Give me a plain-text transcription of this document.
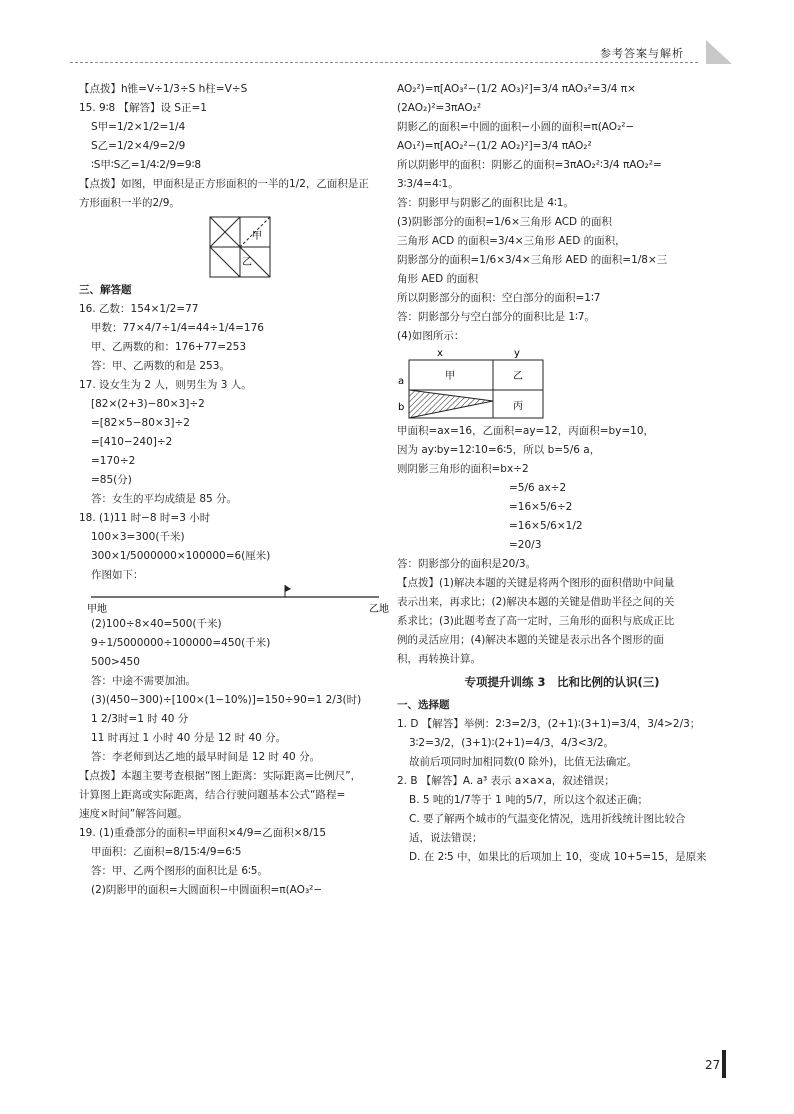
参考答案与解析
【点拨】h锥=V÷1/3÷S h柱=V÷S
15. 9∶8 【解答】设 S正=1
S甲=1/2×1/2=1/4
S乙=1/2×4/9=2/9
∶S甲∶S乙=1/4∶2/9=9∶8
【点拨】如图，甲面积是正方形面积的一半的1/2，乙面积是正
方形面积一半的2/9。
甲
乙
三、解答题
16. 乙数：154×1/2=77
甲数：77×4/7÷1/4=44÷1/4=176
甲、乙两数的和：176+77=253
答：甲、乙两数的和是 253。
17. 设女生为 2 人，则男生为 3 人。
[82×(2+3)−80×3]÷2
=[82×5−80×3]÷2
=[410−240]÷2
=170÷2
=85(分)
答：女生的平均成绩是 85 分。
18. (1)11 时−8 时=3 小时
100×3=300(千米)
300×1/5000000×100000=6(厘米)
作图如下：
甲地	乙地
(2)100÷8×40=500(千米)
9÷1/5000000÷100000=450(千米)
500>450
答：中途不需要加油。
(3)(450−300)÷[100×(1−10%)]=150÷90=1 2/3(时)
1 2/3时=1 时 40 分
11 时再过 1 小时 40 分是 12 时 40 分。
答：李老师到达乙地的最早时间是 12 时 40 分。
【点拨】本题主要考查根据“图上距离：实际距离=比例尺”，
计算图上距离或实际距离，结合行驶问题基本公式“路程=
速度×时间”解答问题。
19. (1)重叠部分的面积=甲面积×4/9=乙面积×8/15
甲面积：乙面积=8/15∶4/9=6∶5
答：甲、乙两个图形的面积比是 6∶5。
(2)阴影甲的面积=大圆面积−中圆面积=π(AO₃²−
AO₂²)=π[AO₃²−(1/2 AO₃)²]=3/4 πAO₃²=3/4 π×
(2AO₂)²=3πAO₂²
阴影乙的面积=中圆的面积−小圆的面积=π(AO₂²−
AO₁²)=π[AO₂²−(1/2 AO₂)²]=3/4 πAO₂²
所以阴影甲的面积：阴影乙的面积=3πAO₂²∶3/4 πAO₂²=
3∶3/4=4∶1。
答：阴影甲与阴影乙的面积比是 4∶1。
(3)阴影部分的面积=1/6×三角形 ACD 的面积
三角形 ACD 的面积=3/4×三角形 AED 的面积，
阴影部分的面积=1/6×3/4×三角形 AED 的面积=1/8×三
角形 AED 的面积
所以阴影部分的面积：空白部分的面积=1∶7
答：阴影部分与空白部分的面积比是 1∶7。
(4)如图所示：
x	y
a
b
甲	乙
丙
甲面积=ax=16，乙面积=ay=12，丙面积=by=10，
因为 ay∶by=12∶10=6∶5，所以 b=5/6 a，
则阴影三角形的面积=bx÷2
=5/6 ax÷2
=16×5/6÷2
=16×5/6×1/2
=20/3
答：阴影部分的面积是20/3。
【点拨】(1)解决本题的关键是将两个图形的面积借助中间量
表示出来，再求比；(2)解决本题的关键是借助半径之间的关
系求比；(3)此题考查了高一定时，三角形的面积与底成正比
例的灵活应用；(4)解决本题的关键是表示出各个图形的面
积，再转换计算。
专项提升训练 3　比和比例的认识(三)
一、选择题
1. D 【解答】举例：2∶3=2/3，(2+1)∶(3+1)=3/4，3/4>2/3；
3∶2=3/2，(3+1)∶(2+1)=4/3，4/3<3/2。
故前后项同时加相同数(0 除外)，比值无法确定。
2. B 【解答】A. a³ 表示 a×a×a，叙述错误；
B. 5 吨的1/7等于 1 吨的5/7，所以这个叙述正确；
C. 要了解两个城市的气温变化情况，选用折线统计图比较合
适，说法错误；
D. 在 2∶5 中，如果比的后项加上 10，变成 10+5=15，是原来
27
